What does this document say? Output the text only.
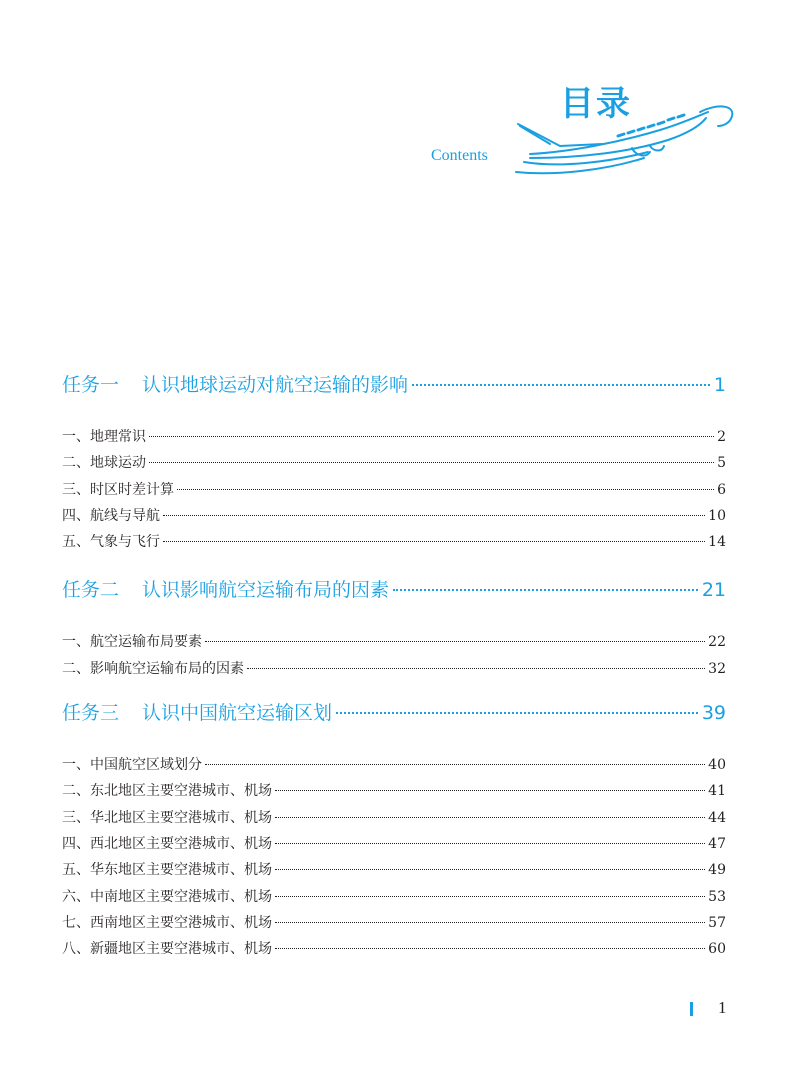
目录
Contents
任务一	认识地球运动对航空运输的影响	1
一、地理常识	2
二、地球运动	5
三、时区时差计算	6
四、航线与导航	10
五、气象与飞行	14
任务二	认识影响航空运输布局的因素	21
一、航空运输布局要素	22
二、影响航空运输布局的因素	32
任务三	认识中国航空运输区划	39
一、中国航空区域划分	40
二、东北地区主要空港城市、机场	41
三、华北地区主要空港城市、机场	44
四、西北地区主要空港城市、机场	47
五、华东地区主要空港城市、机场	49
六、中南地区主要空港城市、机场	53
七、西南地区主要空港城市、机场	57
八、新疆地区主要空港城市、机场	60
1
